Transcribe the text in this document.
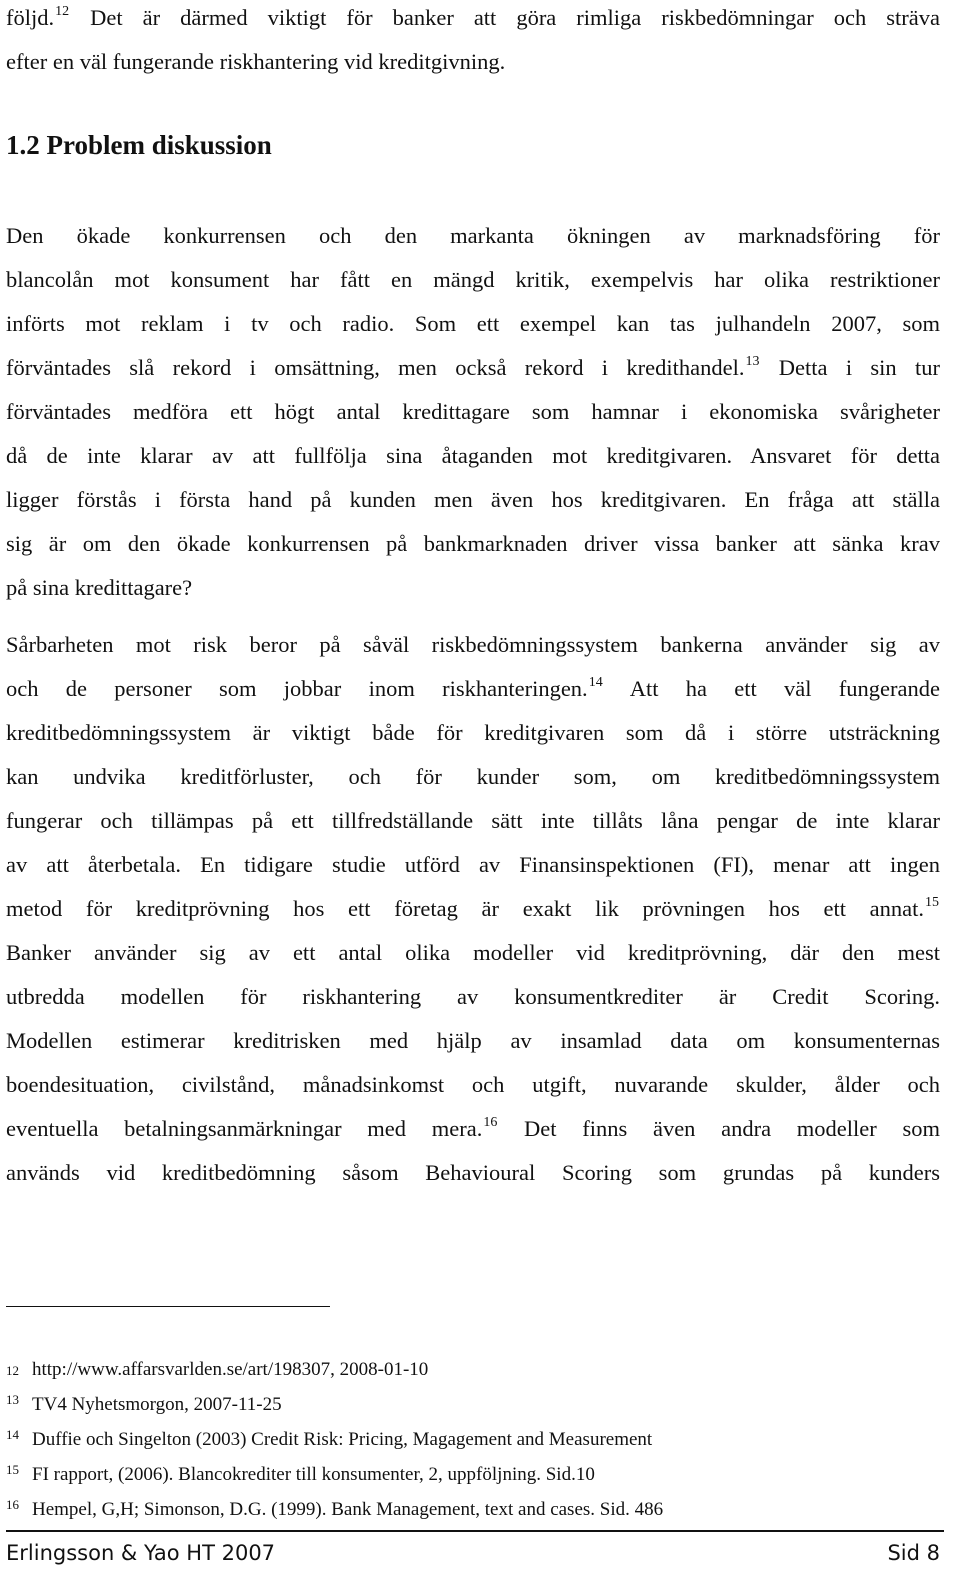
följd.$^{12}$ Det är därmed viktigt för banker att göra rimliga riskbedömningar och sträva
efter en väl fungerande riskhantering vid kreditgivning.
1.2 Problem diskussion
Den ökade konkurrensen och den markanta ökningen av marknadsföring för
blancolån mot konsument har fått en mängd kritik, exempelvis har olika restriktioner
införts mot reklam i tv och radio. Som ett exempel kan tas julhandeln 2007, som
förväntades slå rekord i omsättning, men också rekord i kredithandel.$^{13}$ Detta i sin tur
förväntades medföra ett högt antal kredittagare som hamnar i ekonomiska svårigheter
då de inte klarar av att fullfölja sina åtaganden mot kreditgivaren. Ansvaret för detta
ligger förstås i första hand på kunden men även hos kreditgivaren. En fråga att ställa
sig är om den ökade konkurrensen på bankmarknaden driver vissa banker att sänka krav
på sina kredittagare?
Sårbarheten mot risk beror på såväl riskbedömningssystem bankerna använder sig av
och de personer som jobbar inom riskhanteringen.$^{14}$ Att ha ett väl fungerande
kreditbedömningssystem är viktigt både för kreditgivaren som då i större utsträckning
kan undvika kreditförluster, och för kunder som, om kreditbedömningssystem
fungerar och tillämpas på ett tillfredställande sätt inte tillåts låna pengar de inte klarar
av att återbetala. En tidigare studie utförd av Finansinspektionen (FI), menar att ingen
metod för kreditprövning hos ett företag är exakt lik prövningen hos ett annat.$^{15}$
Banker använder sig av ett antal olika modeller vid kreditprövning, där den mest
utbredda modellen för riskhantering av konsumentkrediter är Credit Scoring.
Modellen estimerar kreditrisken med hjälp av insamlad data om konsumenternas
boendesituation, civilstånd, månadsinkomst och utgift, nuvarande skulder, ålder och
eventuella betalningsanmärkningar med mera.$^{16}$ Det finns även andra modeller som
används vid kreditbedömning såsom Behavioural Scoring som grundas på kunders
12 http://www.affarsvarlden.se/art/198307, 2008-01-10
13 TV4 Nyhetsmorgon, 2007-11-25
14 Duffie och Singelton (2003) Credit Risk: Pricing, Magagement and Measurement
15 FI rapport, (2006). Blancokrediter till konsumenter, 2, uppföljning. Sid.10
16 Hempel, G,H; Simonson, D.G. (1999). Bank Management, text and cases. Sid. 486
Erlingsson & Yao HT 2007	Sid 8
